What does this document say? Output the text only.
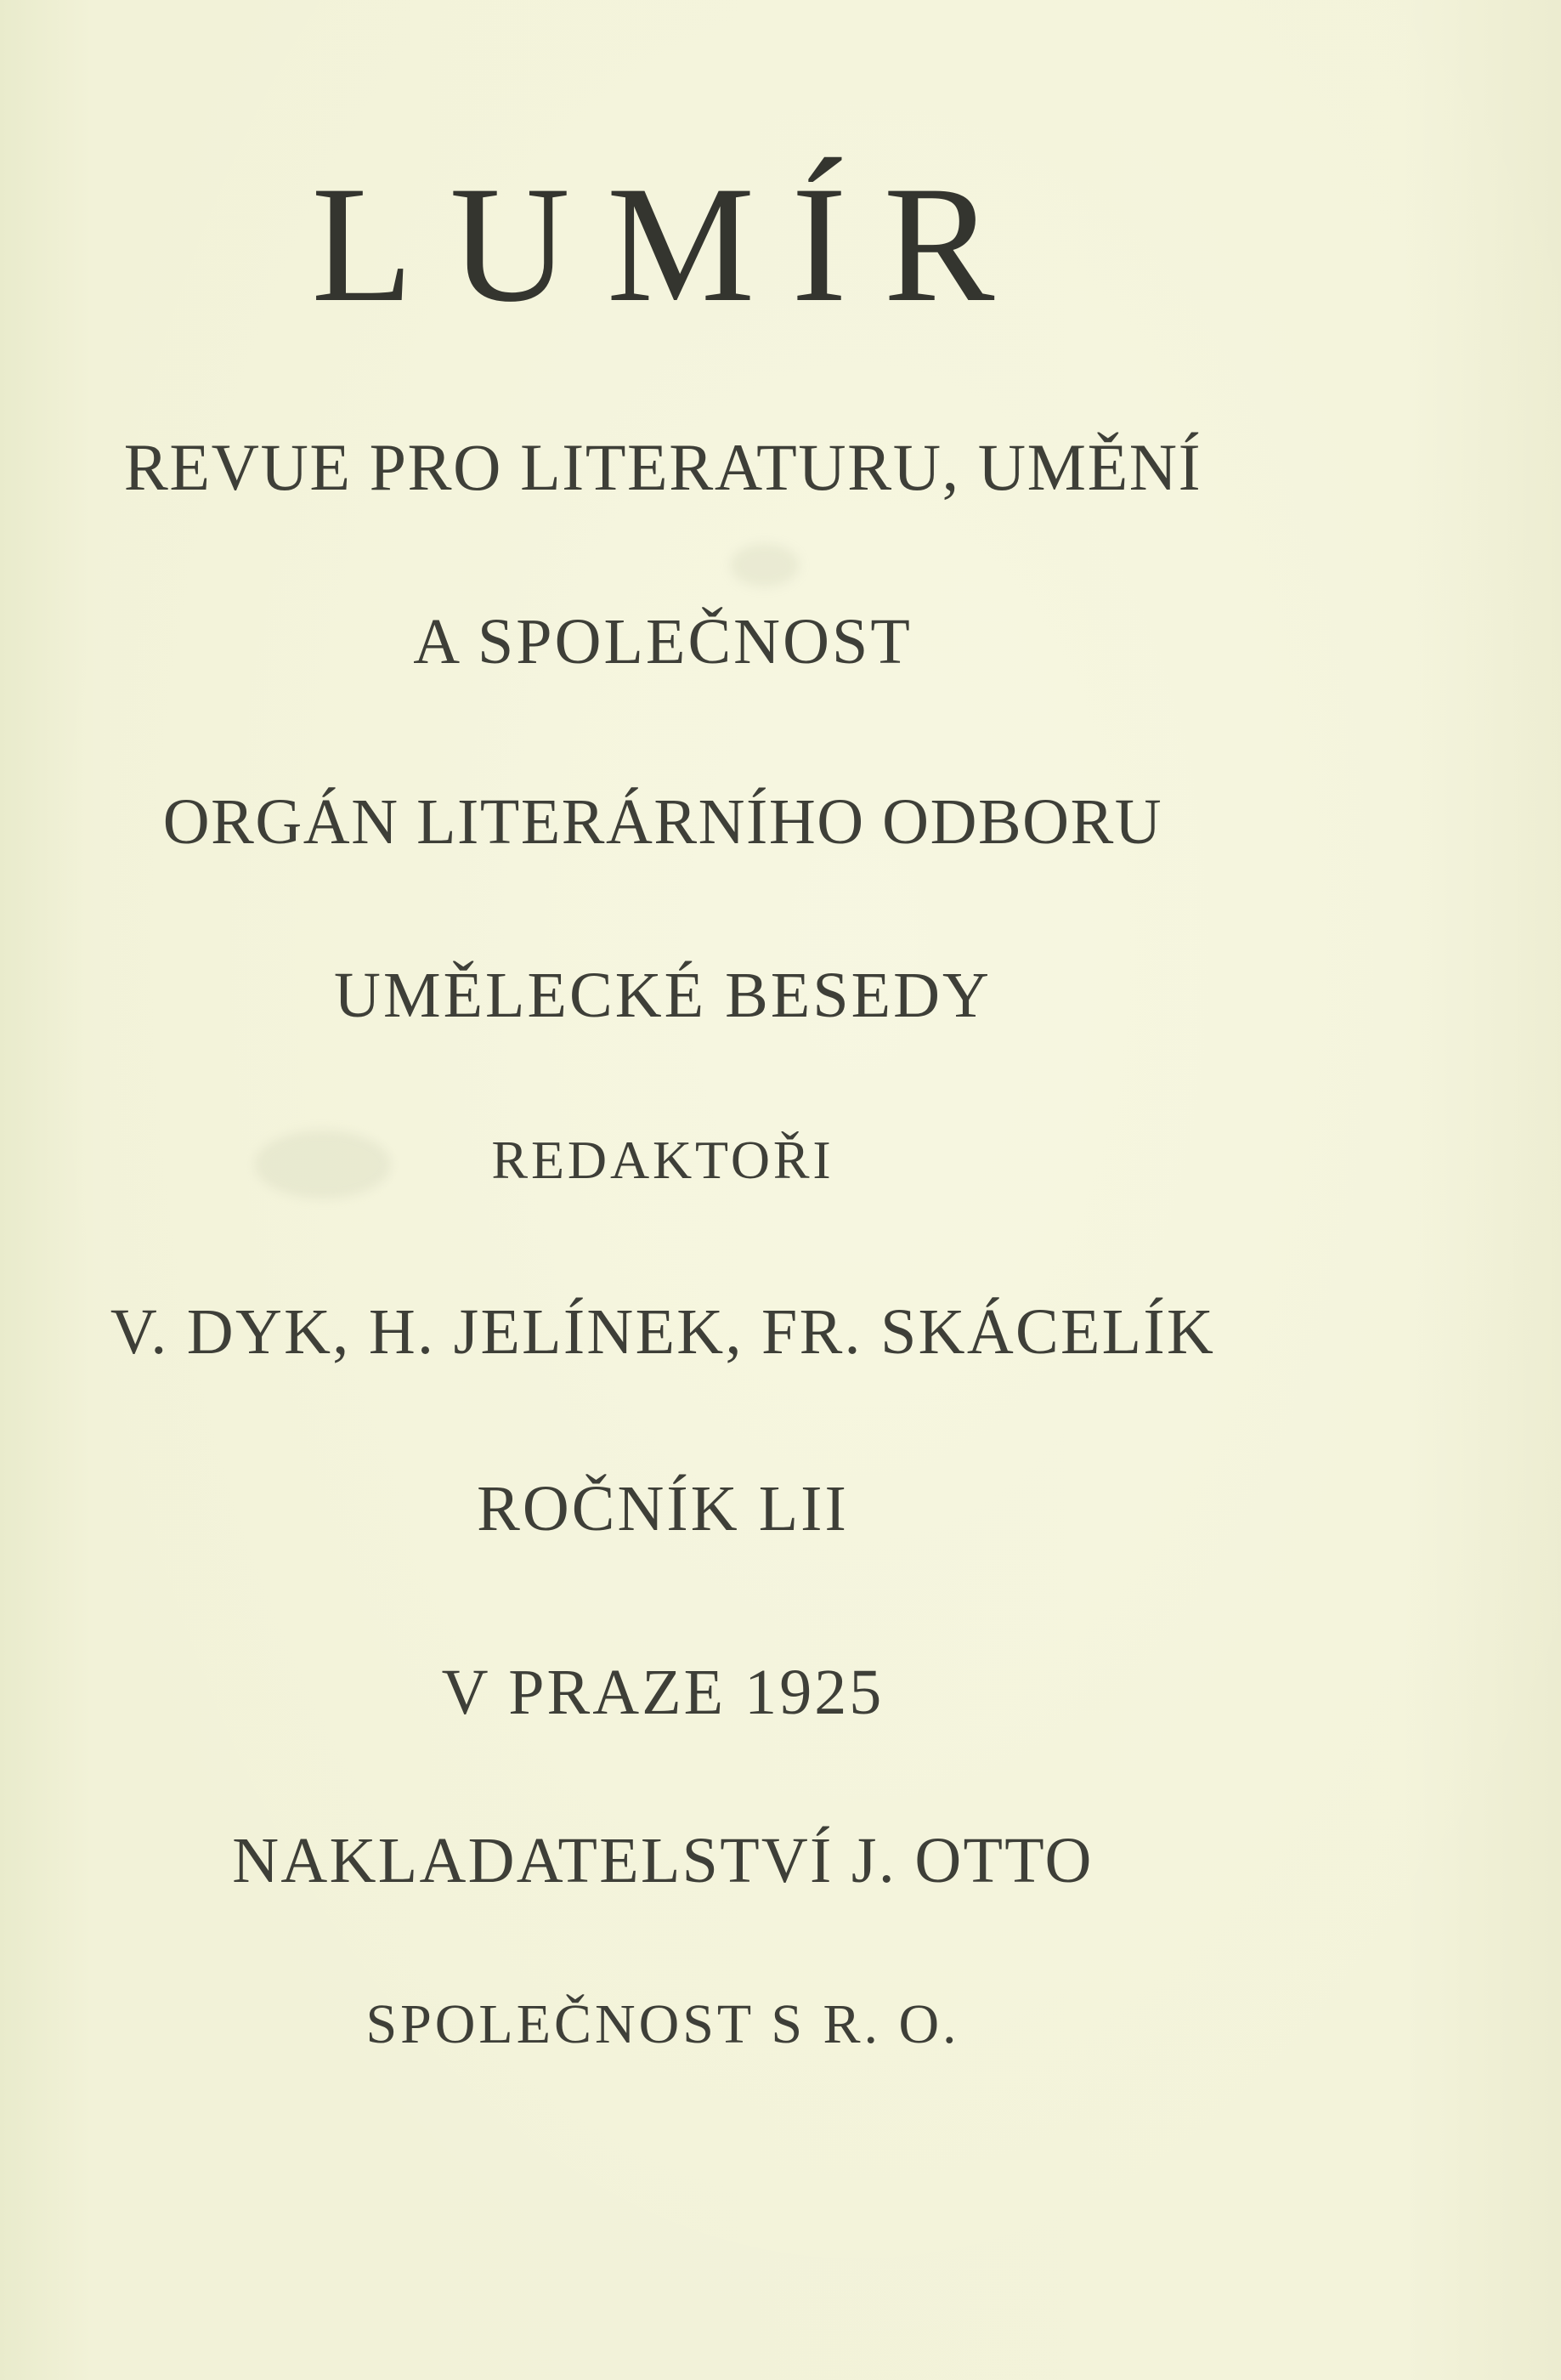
LUMÍR
REVUE PRO LITERATURU, UMĚNÍ
A SPOLEČNOST
ORGÁN LITERÁRNÍHO ODBORU
UMĚLECKÉ BESEDY
REDAKTOŘI
V. DYK, H. JELÍNEK, FR. SKÁCELÍK
ROČNÍK LII
V PRAZE 1925
NAKLADATELSTVÍ J. OTTO
SPOLEČNOST S R. O.
